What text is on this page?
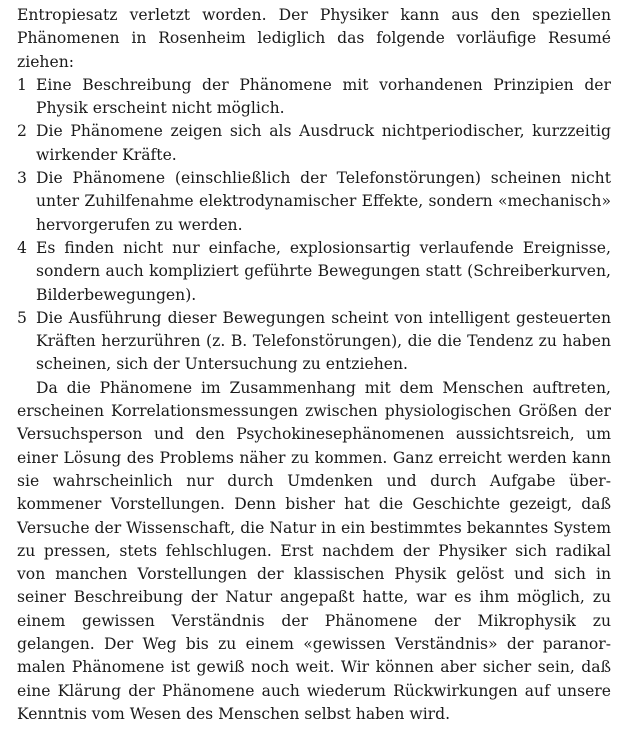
Entropiesatz verletzt worden. Der Physiker kann aus den speziellen Phänomenen in Rosenheim lediglich das folgende vorläufige Resumé ziehen:

1 Eine Beschreibung der Phänomene mit vorhandenen Prinzipien der Physik erscheint nicht möglich.
2 Die Phänomene zeigen sich als Ausdruck nichtperiodischer, kurzzeitig wirkender Kräfte.
3 Die Phänomene (einschließlich der Telefonstörungen) scheinen nicht unter Zuhilfenahme elektrodynamischer Effekte, sondern «mechanisch» hervorgerufen zu werden.
4 Es finden nicht nur einfache, explosionsartig verlaufende Ereignisse, sondern auch kompliziert geführte Bewegungen statt (Schreiberkurven, Bilderbewegungen).
5 Die Ausführung dieser Bewegungen scheint von intelligent gesteuerten Kräften herzurühren (z. B. Telefonstörungen), die die Tendenz zu haben scheinen, sich der Untersuchung zu entziehen.

Da die Phänomene im Zusammenhang mit dem Menschen auftreten, erscheinen Korrelationsmessungen zwischen physiologischen Größen der Versuchsperson und den Psychokinesephänomenen aussichtsreich, um einer Lösung des Problems näher zu kommen. Ganz erreicht werden kann sie wahrscheinlich nur durch Umdenken und durch Aufgabe überkommener Vorstellungen. Denn bisher hat die Geschichte gezeigt, daß Versuche der Wissenschaft, die Natur in ein bestimmtes bekanntes System zu pressen, stets fehlschlugen. Erst nachdem der Physiker sich radikal von manchen Vorstellungen der klassischen Physik gelöst und sich in seiner Beschreibung der Natur angepaßt hatte, war es ihm möglich, zu einem gewissen Verständnis der Phänomene der Mikrophysik zu gelangen. Der Weg bis zu einem «gewissen Verständnis» der paranormalen Phänomene ist gewiß noch weit. Wir können aber sicher sein, daß eine Klärung der Phänomene auch wiederum Rückwirkungen auf unsere Kenntnis vom Wesen des Menschen selbst haben wird.
